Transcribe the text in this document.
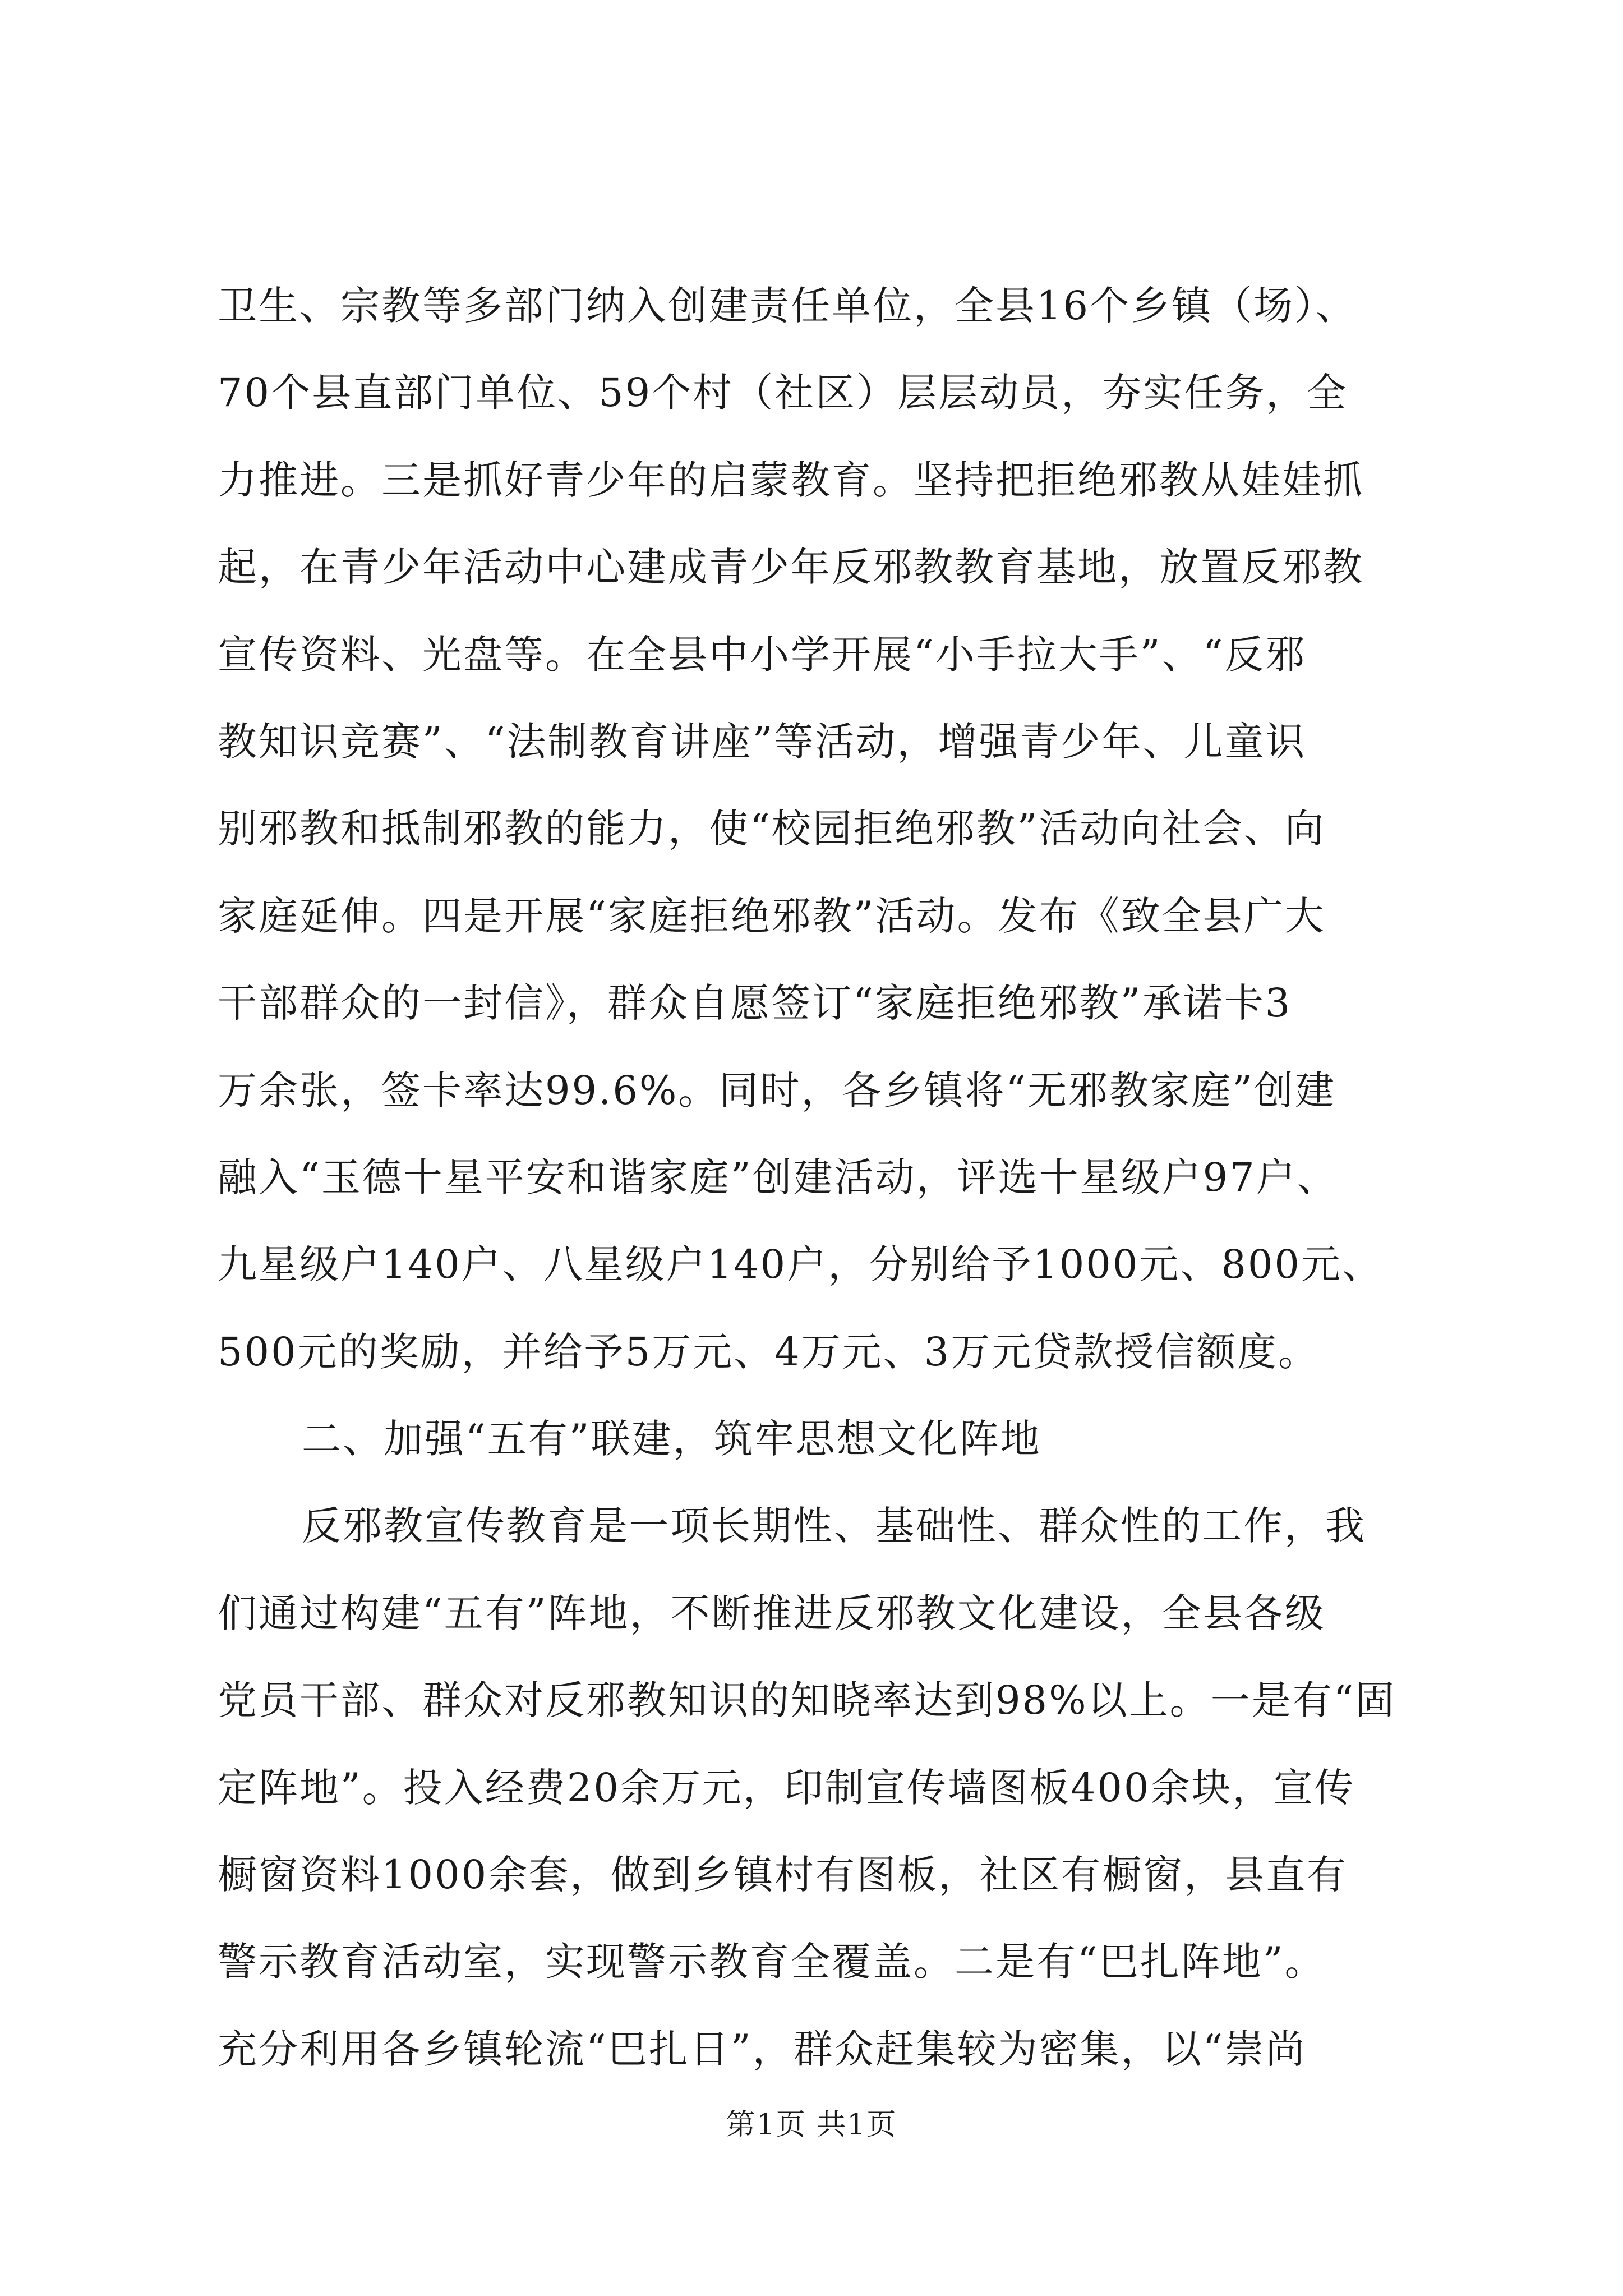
卫生、宗教等多部门纳入创建责任单位，全县16个乡镇（场）、
70个县直部门单位、59个村（社区）层层动员，夯实任务，全
力推进。三是抓好青少年的启蒙教育。坚持把拒绝邪教从娃娃抓
起，在青少年活动中心建成青少年反邪教教育基地，放置反邪教
宣传资料、光盘等。在全县中小学开展“小手拉大手”、“反邪
教知识竞赛”、“法制教育讲座”等活动，增强青少年、儿童识
别邪教和抵制邪教的能力，使“校园拒绝邪教”活动向社会、向
家庭延伸。四是开展“家庭拒绝邪教”活动。发布《致全县广大
干部群众的一封信》，群众自愿签订“家庭拒绝邪教”承诺卡3
万余张，签卡率达99.6%。同时，各乡镇将“无邪教家庭”创建
融入“玉德十星平安和谐家庭”创建活动，评选十星级户97户、
九星级户140户、八星级户140户，分别给予1000元、800元、
500元的奖励，并给予5万元、4万元、3万元贷款授信额度。
二、加强“五有”联建，筑牢思想文化阵地
反邪教宣传教育是一项长期性、基础性、群众性的工作，我
们通过构建“五有”阵地，不断推进反邪教文化建设，全县各级
党员干部、群众对反邪教知识的知晓率达到98%以上。一是有“固
定阵地”。投入经费20余万元，印制宣传墙图板400余块，宣传
橱窗资料1000余套，做到乡镇村有图板，社区有橱窗，县直有
警示教育活动室，实现警示教育全覆盖。二是有“巴扎阵地”。
充分利用各乡镇轮流“巴扎日”，群众赶集较为密集，以“崇尚
第1页 共1页
